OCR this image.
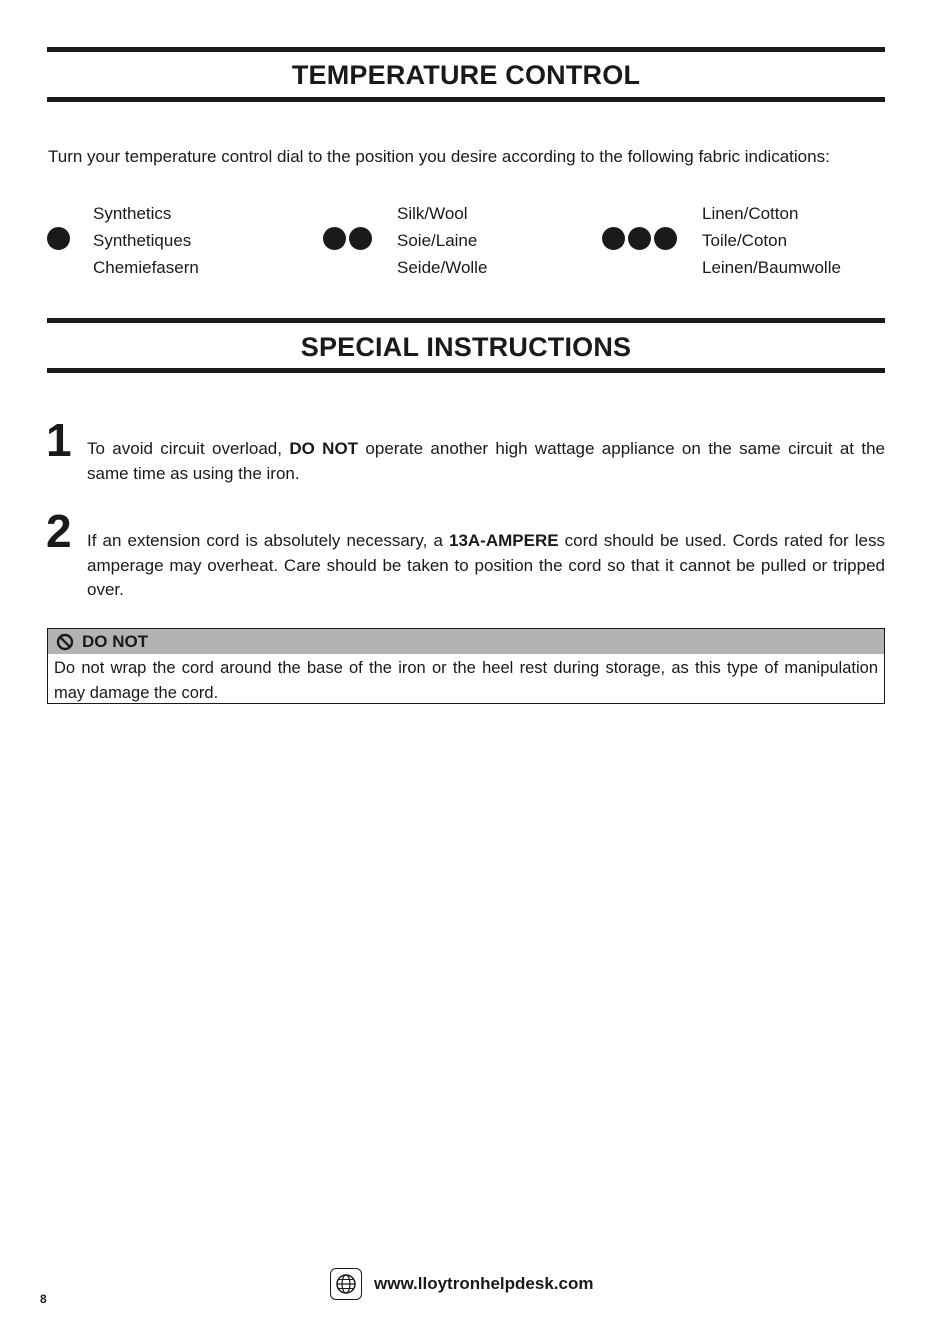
TEMPERATURE CONTROL
Turn your temperature control dial to the position you desire according to the following fabric indications:
Synthetics
Synthetiques
Chemiefasern
Silk/Wool
Soie/Laine
Seide/Wolle
Linen/Cotton
Toile/Coton
Leinen/Baumwolle
SPECIAL INSTRUCTIONS
1 To avoid circuit overload, DO NOT operate another high wattage appliance on the same circuit at the same time as using the iron.
2 If an extension cord is absolutely necessary, a 13A-AMPERE cord should be used. Cords rated for less amperage may overheat. Care should be taken to position the cord so that it cannot be pulled or tripped over.
DO NOT
Do not wrap the cord around the base of the iron or the heel rest during storage, as this type of manipulation may damage the cord.
www.lloytronhelpdesk.com
8
